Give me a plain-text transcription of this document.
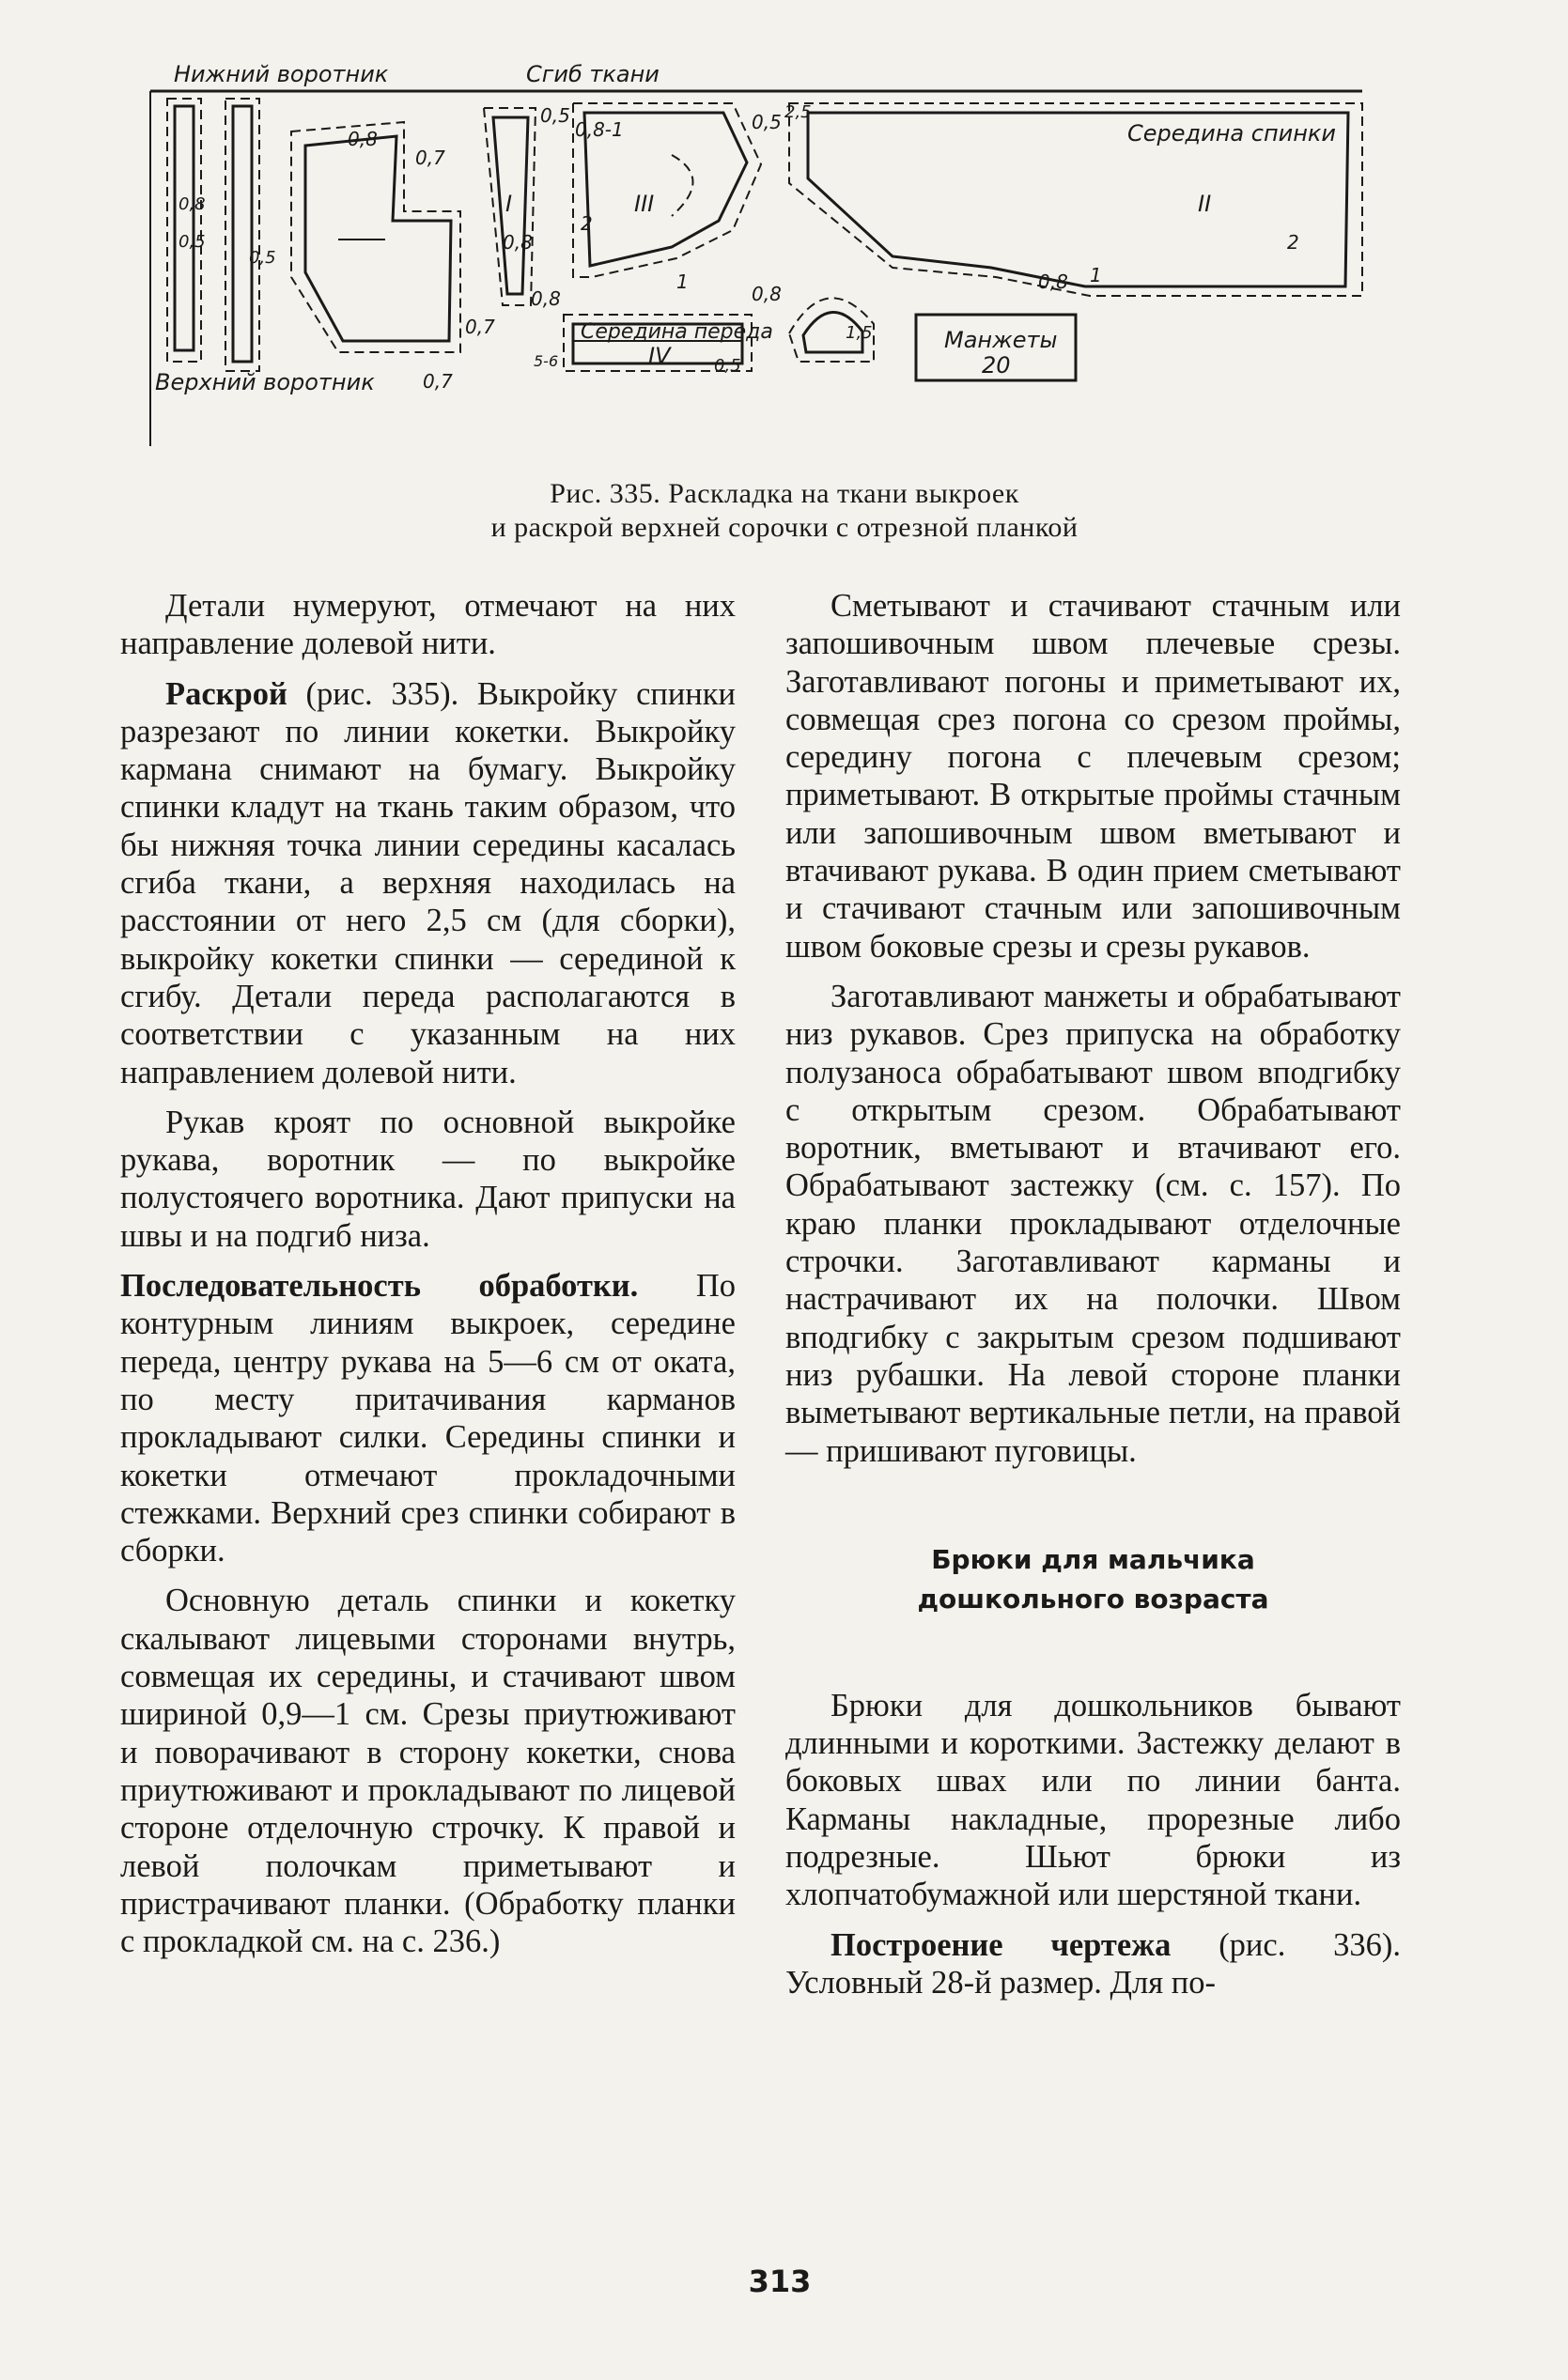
Нижний воротник	Сгиб ткани
Верхний воротник
Середина спинки
Середина переда	Манжеты
20
I	II
III
IV
0,8
0,7
0,7
0,7
0,5
0,8
0,8
0,8-1
2
2
1	1
0,8
0,8
0,5 2,5
1,5
0,5
5-6
0,8
0,5
0,5
Рис. 335. Раскладка на ткани выкроек
и раскрой верхней сорочки с отрезной планкой

Детали нумеруют, отмечают на них направление долевой нити.

Раскрой (рис. 335). Выкройку спинки разрезают по линии кокетки. Выкройку кармана снимают на бумагу. Выкройку спинки кладут на ткань таким образом, что бы нижняя точка линии середины касалась сгиба ткани, а верхняя находилась на расстоянии от него 2,5 см (для сборки), выкройку кокетки спинки — серединой к сгибу. Детали переда располагаются в соответствии с указанным на них направлением долевой нити.

Рукав кроят по основной выкройке рукава, воротник — по выкройке полустоячего воротника. Дают припуски на швы и на подгиб низа.

Последовательность обработки. По контурным линиям выкроек, середине переда, центру рукава на 5—6 см от оката, по месту притачивания карманов прокладывают силки. Середины спинки и кокетки отмечают прокладочными стежками. Верхний срез спинки собирают в сборки.

Основную деталь спинки и кокетку скалывают лицевыми сторонами внутрь, совмещая их середины, и стачивают швом шириной 0,9—1 см. Срезы приутюживают и поворачивают в сторону кокетки, снова приутюживают и прокладывают по лицевой стороне отделочную строчку. К правой и левой полочкам приметывают и пристрачивают планки. (Обработку планки с прокладкой см. на с. 236.)

Сметывают и стачивают стачным или запошивочным швом плечевые срезы. Заготавливают погоны и приметывают их, совмещая срез погона со срезом проймы, середину погона с плечевым срезом; приметывают. В открытые проймы стачным или запошивочным швом вметывают и втачивают рукава. В один прием сметывают и стачивают стачным или запошивочным швом боковые срезы и срезы рукавов.

Заготавливают манжеты и обрабатывают низ рукавов. Срез припуска на обработку полузаноса обрабатывают швом вподгибку с открытым срезом. Обрабатывают воротник, вметывают и втачивают его. Обрабатывают застежку (см. с. 157). По краю планки прокладывают отделочные строчки. Заготавливают карманы и настрачивают их на полочки. Швом вподгибку с закрытым срезом подшивают низ рубашки. На левой стороне планки выметывают вертикальные петли, на правой — пришивают пуговицы.

Брюки для мальчика
дошкольного возраста

Брюки для дошкольников бывают длинными и короткими. Застежку делают в боковых швах или по линии банта. Карманы накладные, прорезные либо подрезные. Шьют брюки из хлопчатобумажной или шерстяной ткани.

Построение чертежа (рис. 336). Условный 28-й размер. Для по-

313
